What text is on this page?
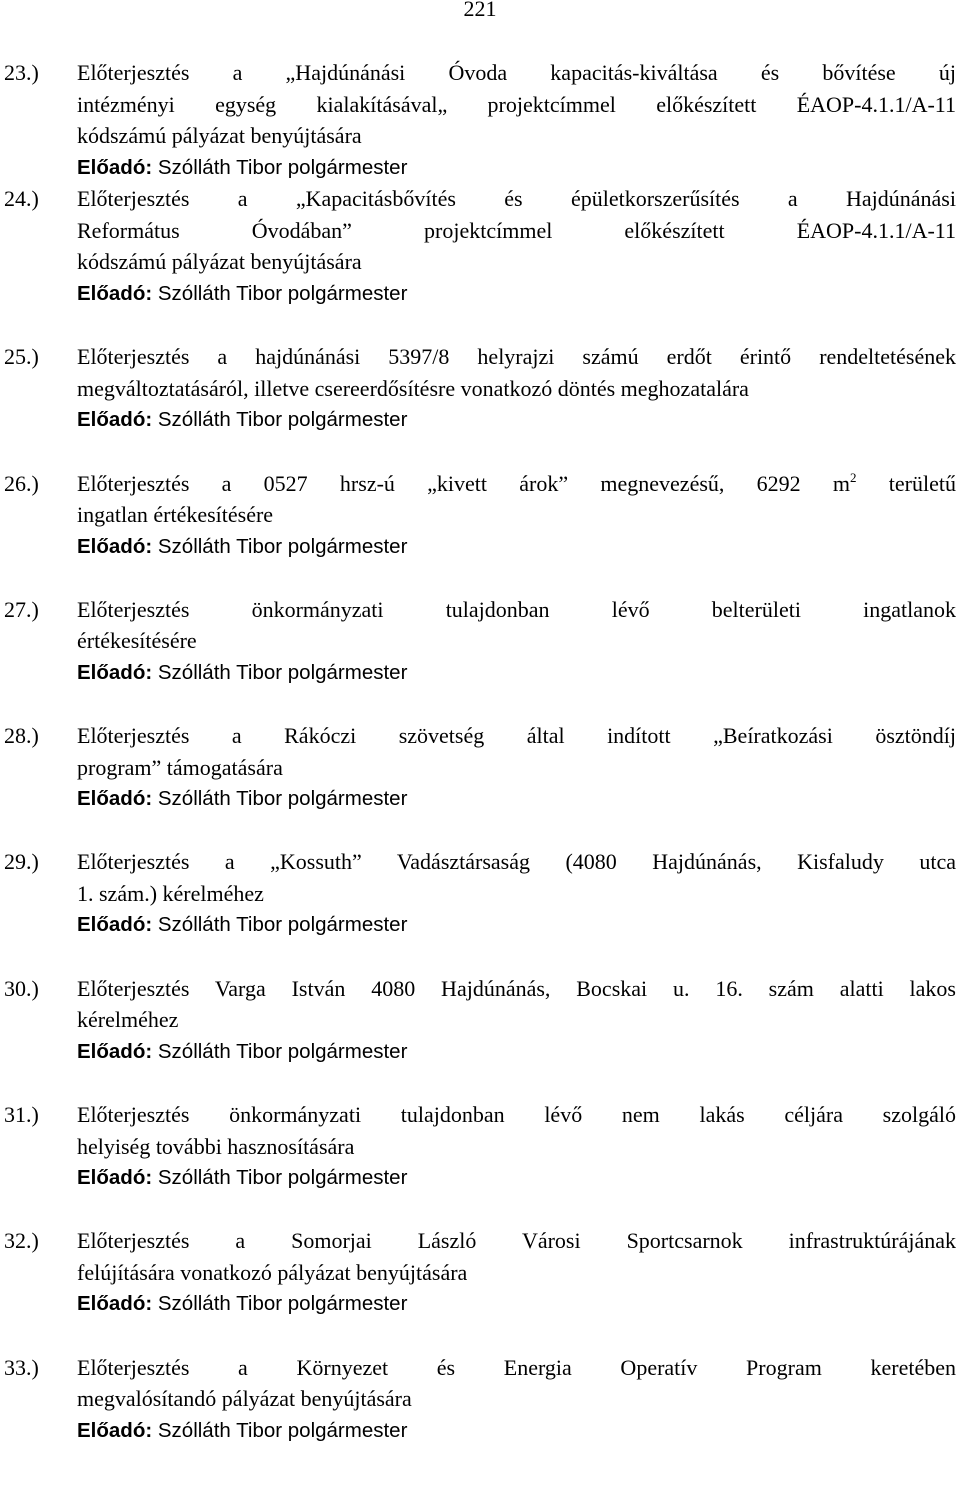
221
23.) Előterjesztés a „Hajdúnánási Óvoda kapacitás-kiváltása és bővítése új
intézményi egység kialakításával„ projektcímmel előkészített ÉAOP-4.1.1/A-11
kódszámú pályázat benyújtására
Előadó: Szólláth Tibor polgármester
24.) Előterjesztés a „Kapacitásbővítés és épületkorszerűsítés a Hajdúnánási
Református Óvodában” projektcímmel előkészített ÉAOP-4.1.1/A-11
kódszámú pályázat benyújtására
Előadó: Szólláth Tibor polgármester
25.) Előterjesztés a hajdúnánási 5397/8 helyrajzi számú erdőt érintő rendeltetésének
megváltoztatásáról, illetve csereerdősítésre vonatkozó döntés meghozatalára
Előadó: Szólláth Tibor polgármester
26.) Előterjesztés a 0527 hrsz-ú „kivett árok” megnevezésű, 6292 $m^2$ területű
ingatlan értékesítésére
Előadó: Szólláth Tibor polgármester
27.) Előterjesztés önkormányzati tulajdonban lévő belterületi ingatlanok
értékesítésére
Előadó: Szólláth Tibor polgármester
28.) Előterjesztés a Rákóczi szövetség által indított „Beíratkozási ösztöndíj
program” támogatására
Előadó: Szólláth Tibor polgármester
29.) Előterjesztés a „Kossuth” Vadásztársaság (4080 Hajdúnánás, Kisfaludy utca
1. szám.) kérelméhez
Előadó: Szólláth Tibor polgármester
30.) Előterjesztés Varga István 4080 Hajdúnánás, Bocskai u. 16. szám alatti lakos
kérelméhez
Előadó: Szólláth Tibor polgármester
31.) Előterjesztés önkormányzati tulajdonban lévő nem lakás céljára szolgáló
helyiség további hasznosítására
Előadó: Szólláth Tibor polgármester
32.) Előterjesztés a Somorjai László Városi Sportcsarnok infrastruktúrájának
felújítására vonatkozó pályázat benyújtására
Előadó: Szólláth Tibor polgármester
33.) Előterjesztés a Környezet és Energia Operatív Program keretében
megvalósítandó pályázat benyújtására
Előadó: Szólláth Tibor polgármester
